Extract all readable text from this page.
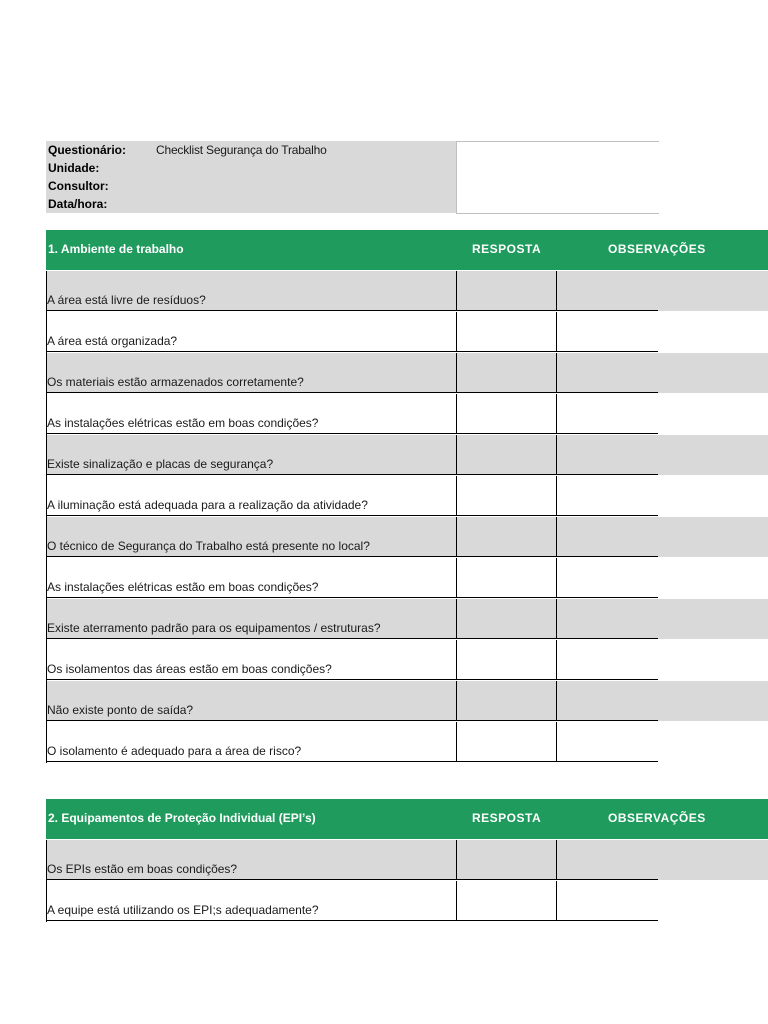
Questionário: Checklist Segurança do Trabalho
Unidade:
Consultor:
Data/hora:
1. Ambiente de trabalho	RESPOSTA	OBSERVAÇÕES
A área está livre de resíduos?
A área está organizada?
Os materiais estão armazenados corretamente?
As instalações elétricas estão em boas condições?
Existe sinalização e placas de segurança?
A iluminação está adequada para a realização da atividade?
O técnico de Segurança do Trabalho está presente no local?
As instalações elétricas estão em boas condições?
Existe aterramento padrão para os equipamentos / estruturas?
Os isolamentos das áreas estão em boas condições?
Não existe ponto de saída?
O isolamento é adequado para a área de risco?
2. Equipamentos de Proteção Individual (EPI’s)	RESPOSTA	OBSERVAÇÕES
Os EPIs estão em boas condições?
A equipe está utilizando os EPI;s adequadamente?
